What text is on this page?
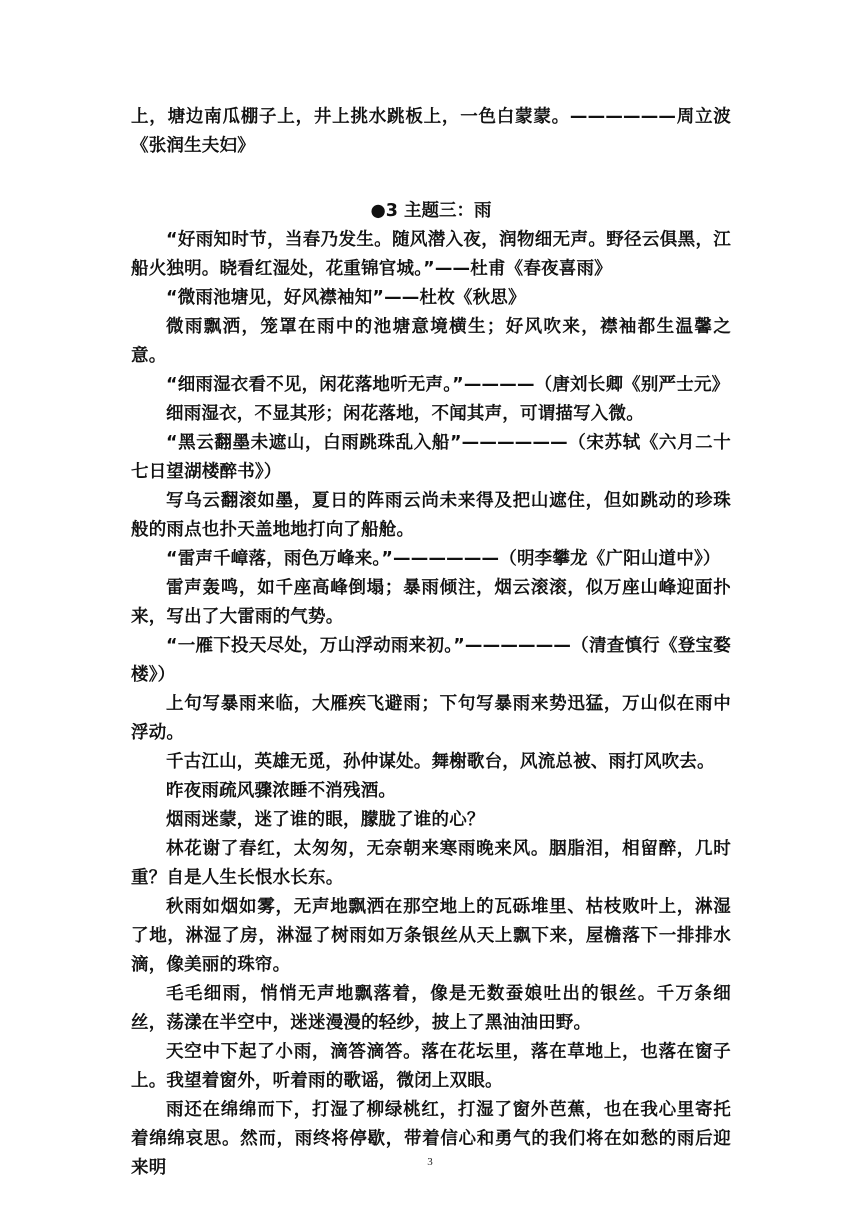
上，塘边南瓜棚子上，井上挑水跳板上，一色白蒙蒙。——————周立波《张润生夫妇》

●3 主题三：雨

“好雨知时节，当春乃发生。随风潜入夜，润物细无声。野径云俱黑，江船火独明。晓看红湿处，花重锦官城。”——杜甫《春夜喜雨》

“微雨池塘见，好风襟袖知”——杜枚《秋思》

微雨飘洒，笼罩在雨中的池塘意境横生；好风吹来，襟袖都生温馨之意。

“细雨湿衣看不见，闲花落地听无声。”————（唐刘长卿《别严士元》

细雨湿衣，不显其形；闲花落地，不闻其声，可谓描写入微。

“黑云翻墨未遮山，白雨跳珠乱入船”——————（宋苏轼《六月二十七日望湖楼醉书》）

写乌云翻滚如墨，夏日的阵雨云尚未来得及把山遮住，但如跳动的珍珠般的雨点也扑天盖地地打向了船舱。

“雷声千嶂落，雨色万峰来。”——————（明李攀龙《广阳山道中》）

雷声轰鸣，如千座高峰倒塌；暴雨倾注，烟云滚滚，似万座山峰迎面扑来，写出了大雷雨的气势。

“一雁下投天尽处，万山浮动雨来初。”——————（清查慎行《登宝婺楼》）

上句写暴雨来临，大雁疾飞避雨；下句写暴雨来势迅猛，万山似在雨中浮动。

千古江山，英雄无觅，孙仲谋处。舞榭歌台，风流总被、雨打风吹去。

昨夜雨疏风骤浓睡不消残酒。

烟雨迷蒙，迷了谁的眼，朦胧了谁的心？

林花谢了春红，太匆匆，无奈朝来寒雨晚来风。胭脂泪，相留醉，几时重？自是人生长恨水长东。

秋雨如烟如雾，无声地飘洒在那空地上的瓦砾堆里、枯枝败叶上，淋湿了地，淋湿了房，淋湿了树雨如万条银丝从天上飘下来，屋檐落下一排排水滴，像美丽的珠帘。

毛毛细雨，悄悄无声地飘落着，像是无数蚕娘吐出的银丝。千万条细丝，荡漾在半空中，迷迷漫漫的轻纱，披上了黑油油田野。

天空中下起了小雨，滴答滴答。落在花坛里，落在草地上，也落在窗子上。我望着窗外，听着雨的歌谣，微闭上双眼。

雨还在绵绵而下，打湿了柳绿桃红，打湿了窗外芭蕉，也在我心里寄托着绵绵哀思。然而，雨终将停歇，带着信心和勇气的我们将在如愁的雨后迎来明	3
